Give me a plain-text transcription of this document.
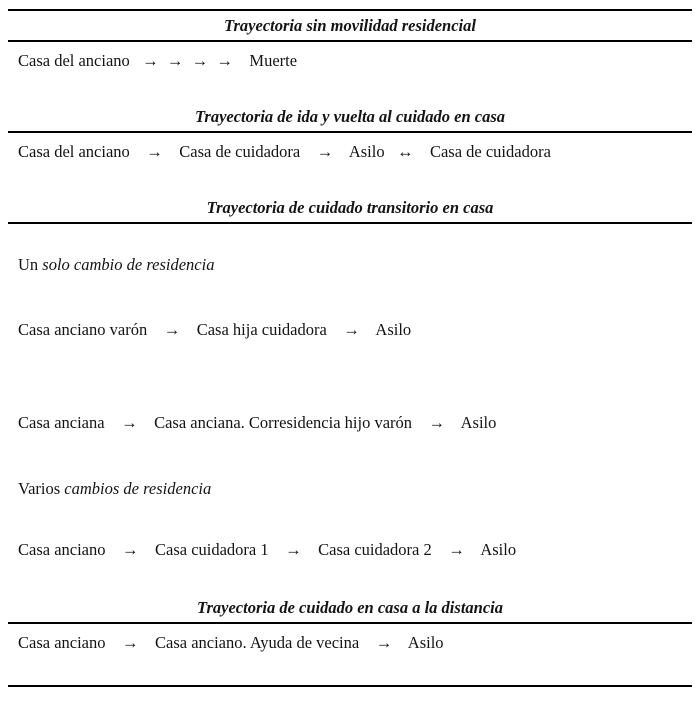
Trayectoria sin movilidad residencial
Casa del anciano   →  →  →  →    Muerte
Trayectoria de ida y vuelta al cuidado en casa
Casa del anciano    →    Casa de cuidadora    →    Asilo   ↔    Casa de cuidadora
Trayectoria de cuidado transitorio en casa
Un solo cambio de residencia
Casa anciano varón    →    Casa hija cuidadora    →    Asilo
Casa anciana    →    Casa anciana. Corresidencia hijo varón    →    Asilo
Varios cambios de residencia
Casa anciano    →    Casa cuidadora 1    →    Casa cuidadora 2    →    Asilo
Trayectoria de cuidado en casa a la distancia
Casa anciano    →    Casa anciano. Ayuda de vecina    →    Asilo
